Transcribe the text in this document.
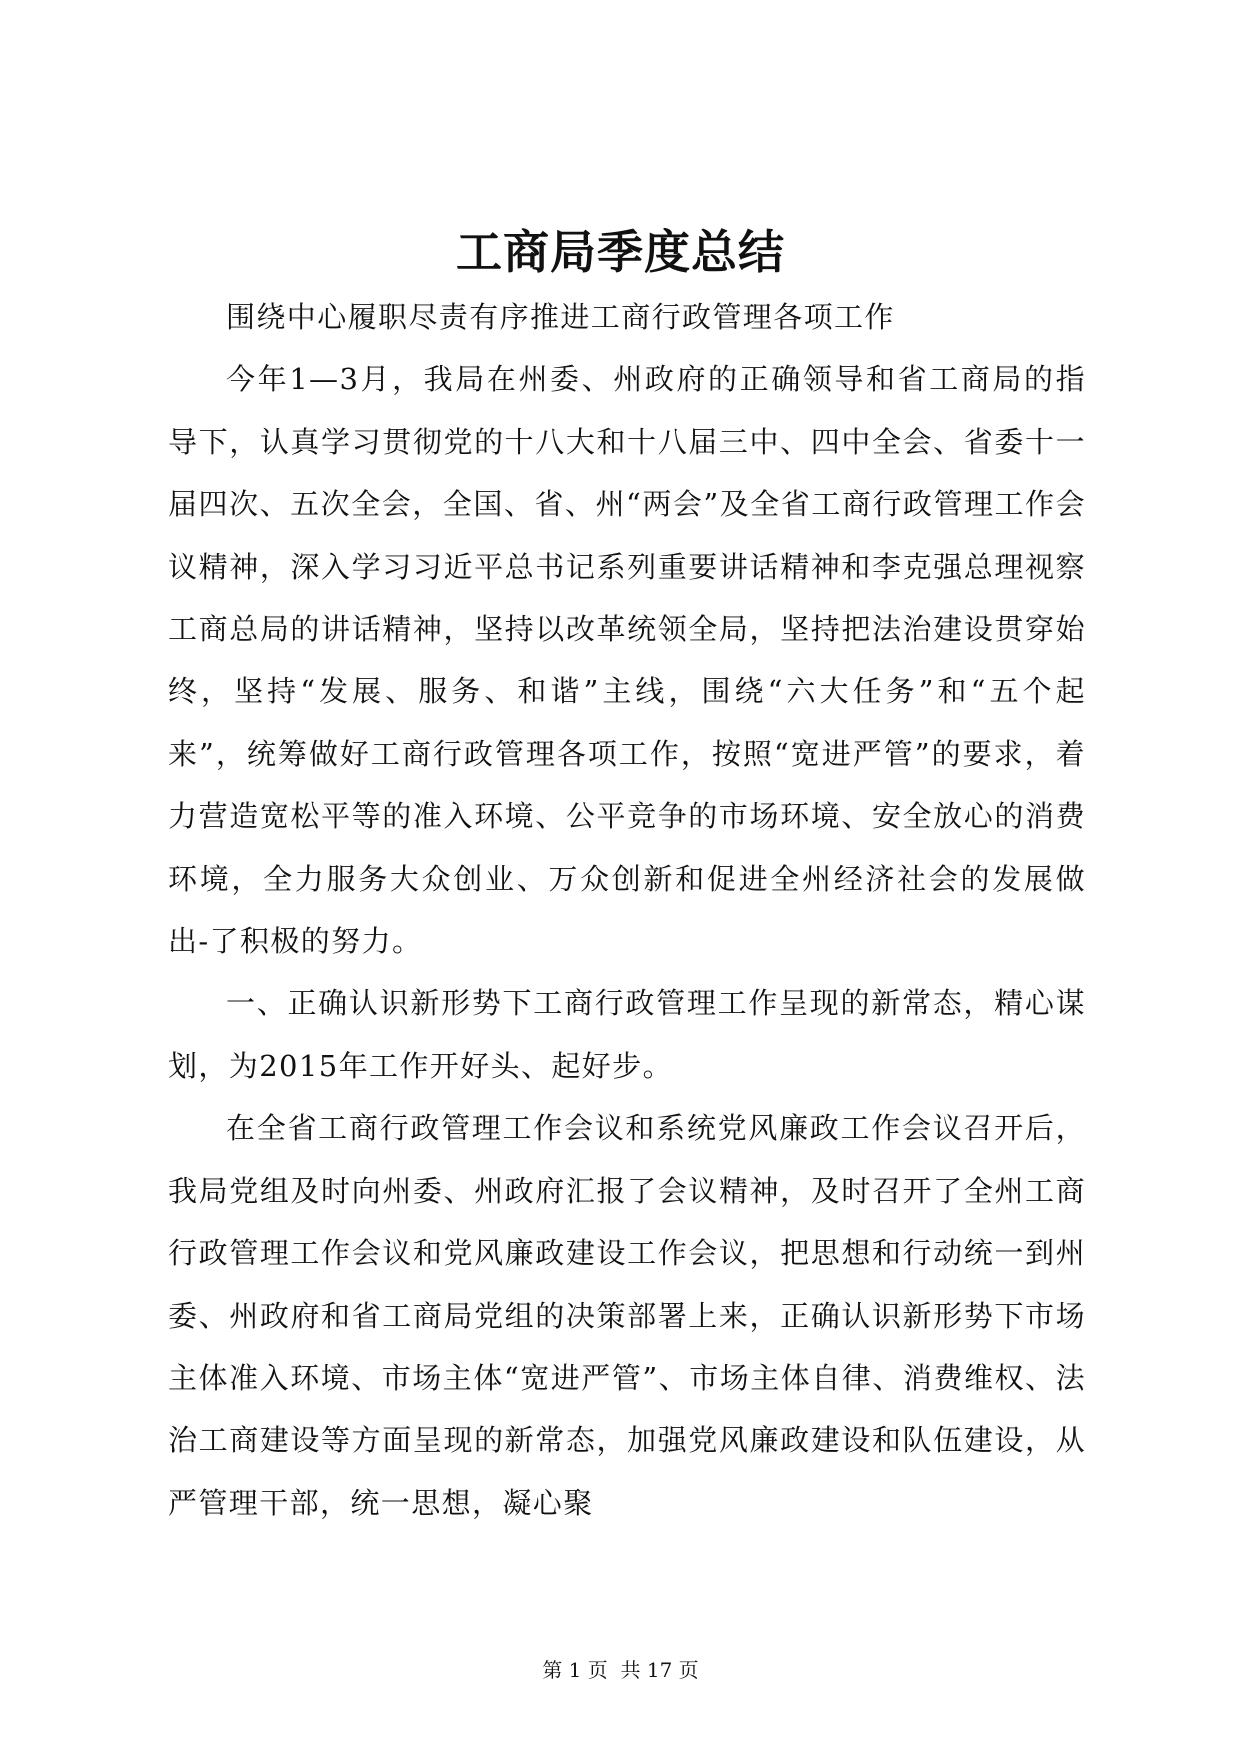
工商局季度总结

围绕中心履职尽责有序推进工商行政管理各项工作

今年1—3月，我局在州委、州政府的正确领导和省工商局的指导下，认真学习贯彻党的十八大和十八届三中、四中全会、省委十一届四次、五次全会，全国、省、州“两会”及全省工商行政管理工作会议精神，深入学习习近平总书记系列重要讲话精神和李克强总理视察工商总局的讲话精神，坚持以改革统领全局，坚持把法治建设贯穿始终，坚持“发展、服务、和谐”主线，围绕“六大任务”和“五个起来”，统筹做好工商行政管理各项工作，按照“宽进严管”的要求，着力营造宽松平等的准入环境、公平竞争的市场环境、安全放心的消费环境，全力服务大众创业、万众创新和促进全州经济社会的发展做出-了积极的努力。

一、正确认识新形势下工商行政管理工作呈现的新常态，精心谋划，为2015年工作开好头、起好步。

在全省工商行政管理工作会议和系统党风廉政工作会议召开后，我局党组及时向州委、州政府汇报了会议精神，及时召开了全州工商行政管理工作会议和党风廉政建设工作会议，把思想和行动统一到州委、州政府和省工商局党组的决策部署上来，正确认识新形势下市场主体准入环境、市场主体“宽进严管”、市场主体自律、消费维权、法治工商建设等方面呈现的新常态，加强党风廉政建设和队伍建设，从严管理干部，统一思想，凝心聚

第 1 页  共 17 页
